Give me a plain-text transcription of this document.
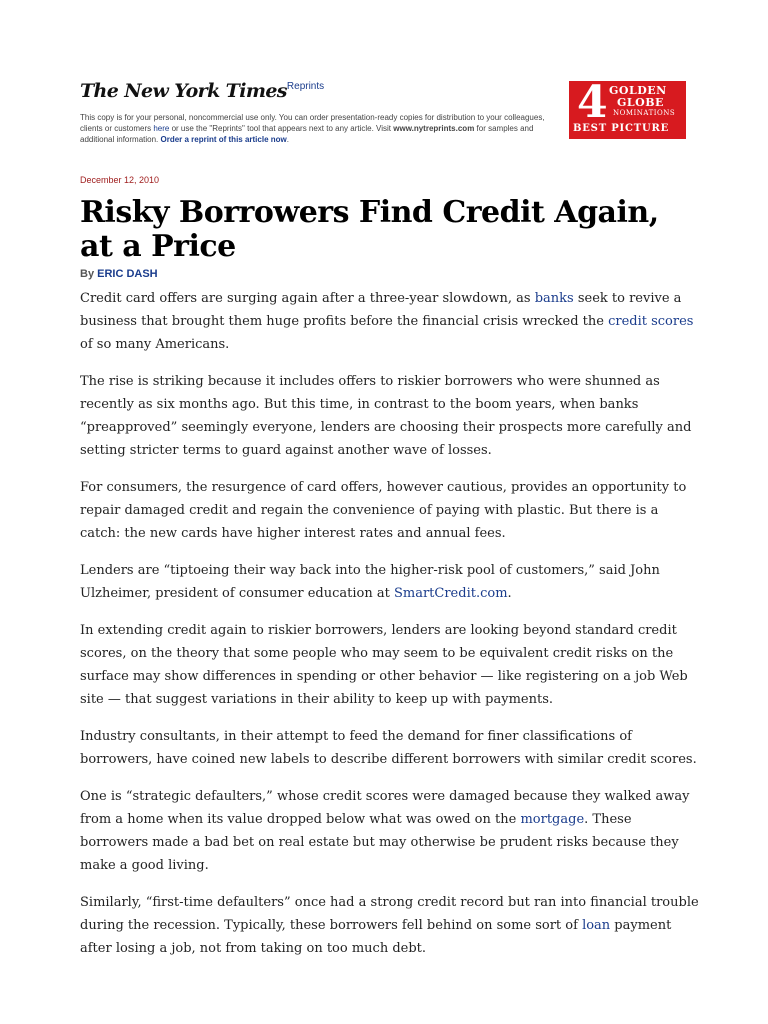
The New York Times$^{Reprints}$
This copy is for your personal, noncommercial use only. You can order presentation-ready copies for distribution to your colleagues, clients or customers here or use the "Reprints" tool that appears next to any article. Visit www.nytreprints.com for samples and additional information. Order a reprint of this article now.
4 GOLDEN
GLOBE
NOMINATIONS
BEST PICTURE
December 12, 2010
Risky Borrowers Find Credit Again, at a Price
By ERIC DASH

Credit card offers are surging again after a three-year slowdown, as banks seek to revive a business that brought them huge profits before the financial crisis wrecked the credit scores of so many Americans.

The rise is striking because it includes offers to riskier borrowers who were shunned as recently as six months ago. But this time, in contrast to the boom years, when banks “preapproved” seemingly everyone, lenders are choosing their prospects more carefully and setting stricter terms to guard against another wave of losses.

For consumers, the resurgence of card offers, however cautious, provides an opportunity to repair damaged credit and regain the convenience of paying with plastic. But there is a catch: the new cards have higher interest rates and annual fees.

Lenders are “tiptoeing their way back into the higher-risk pool of customers,” said John Ulzheimer, president of consumer education at SmartCredit.com.

In extending credit again to riskier borrowers, lenders are looking beyond standard credit scores, on the theory that some people who may seem to be equivalent credit risks on the surface may show differences in spending or other behavior — like registering on a job Web site — that suggest variations in their ability to keep up with payments.

Industry consultants, in their attempt to feed the demand for finer classifications of borrowers, have coined new labels to describe different borrowers with similar credit scores.

One is “strategic defaulters,” whose credit scores were damaged because they walked away from a home when its value dropped below what was owed on the mortgage. These borrowers made a bad bet on real estate but may otherwise be prudent risks because they make a good living.

Similarly, “first-time defaulters” once had a strong credit record but ran into financial trouble during the recession. Typically, these borrowers fell behind on some sort of loan payment after losing a job, not from taking on too much debt.
